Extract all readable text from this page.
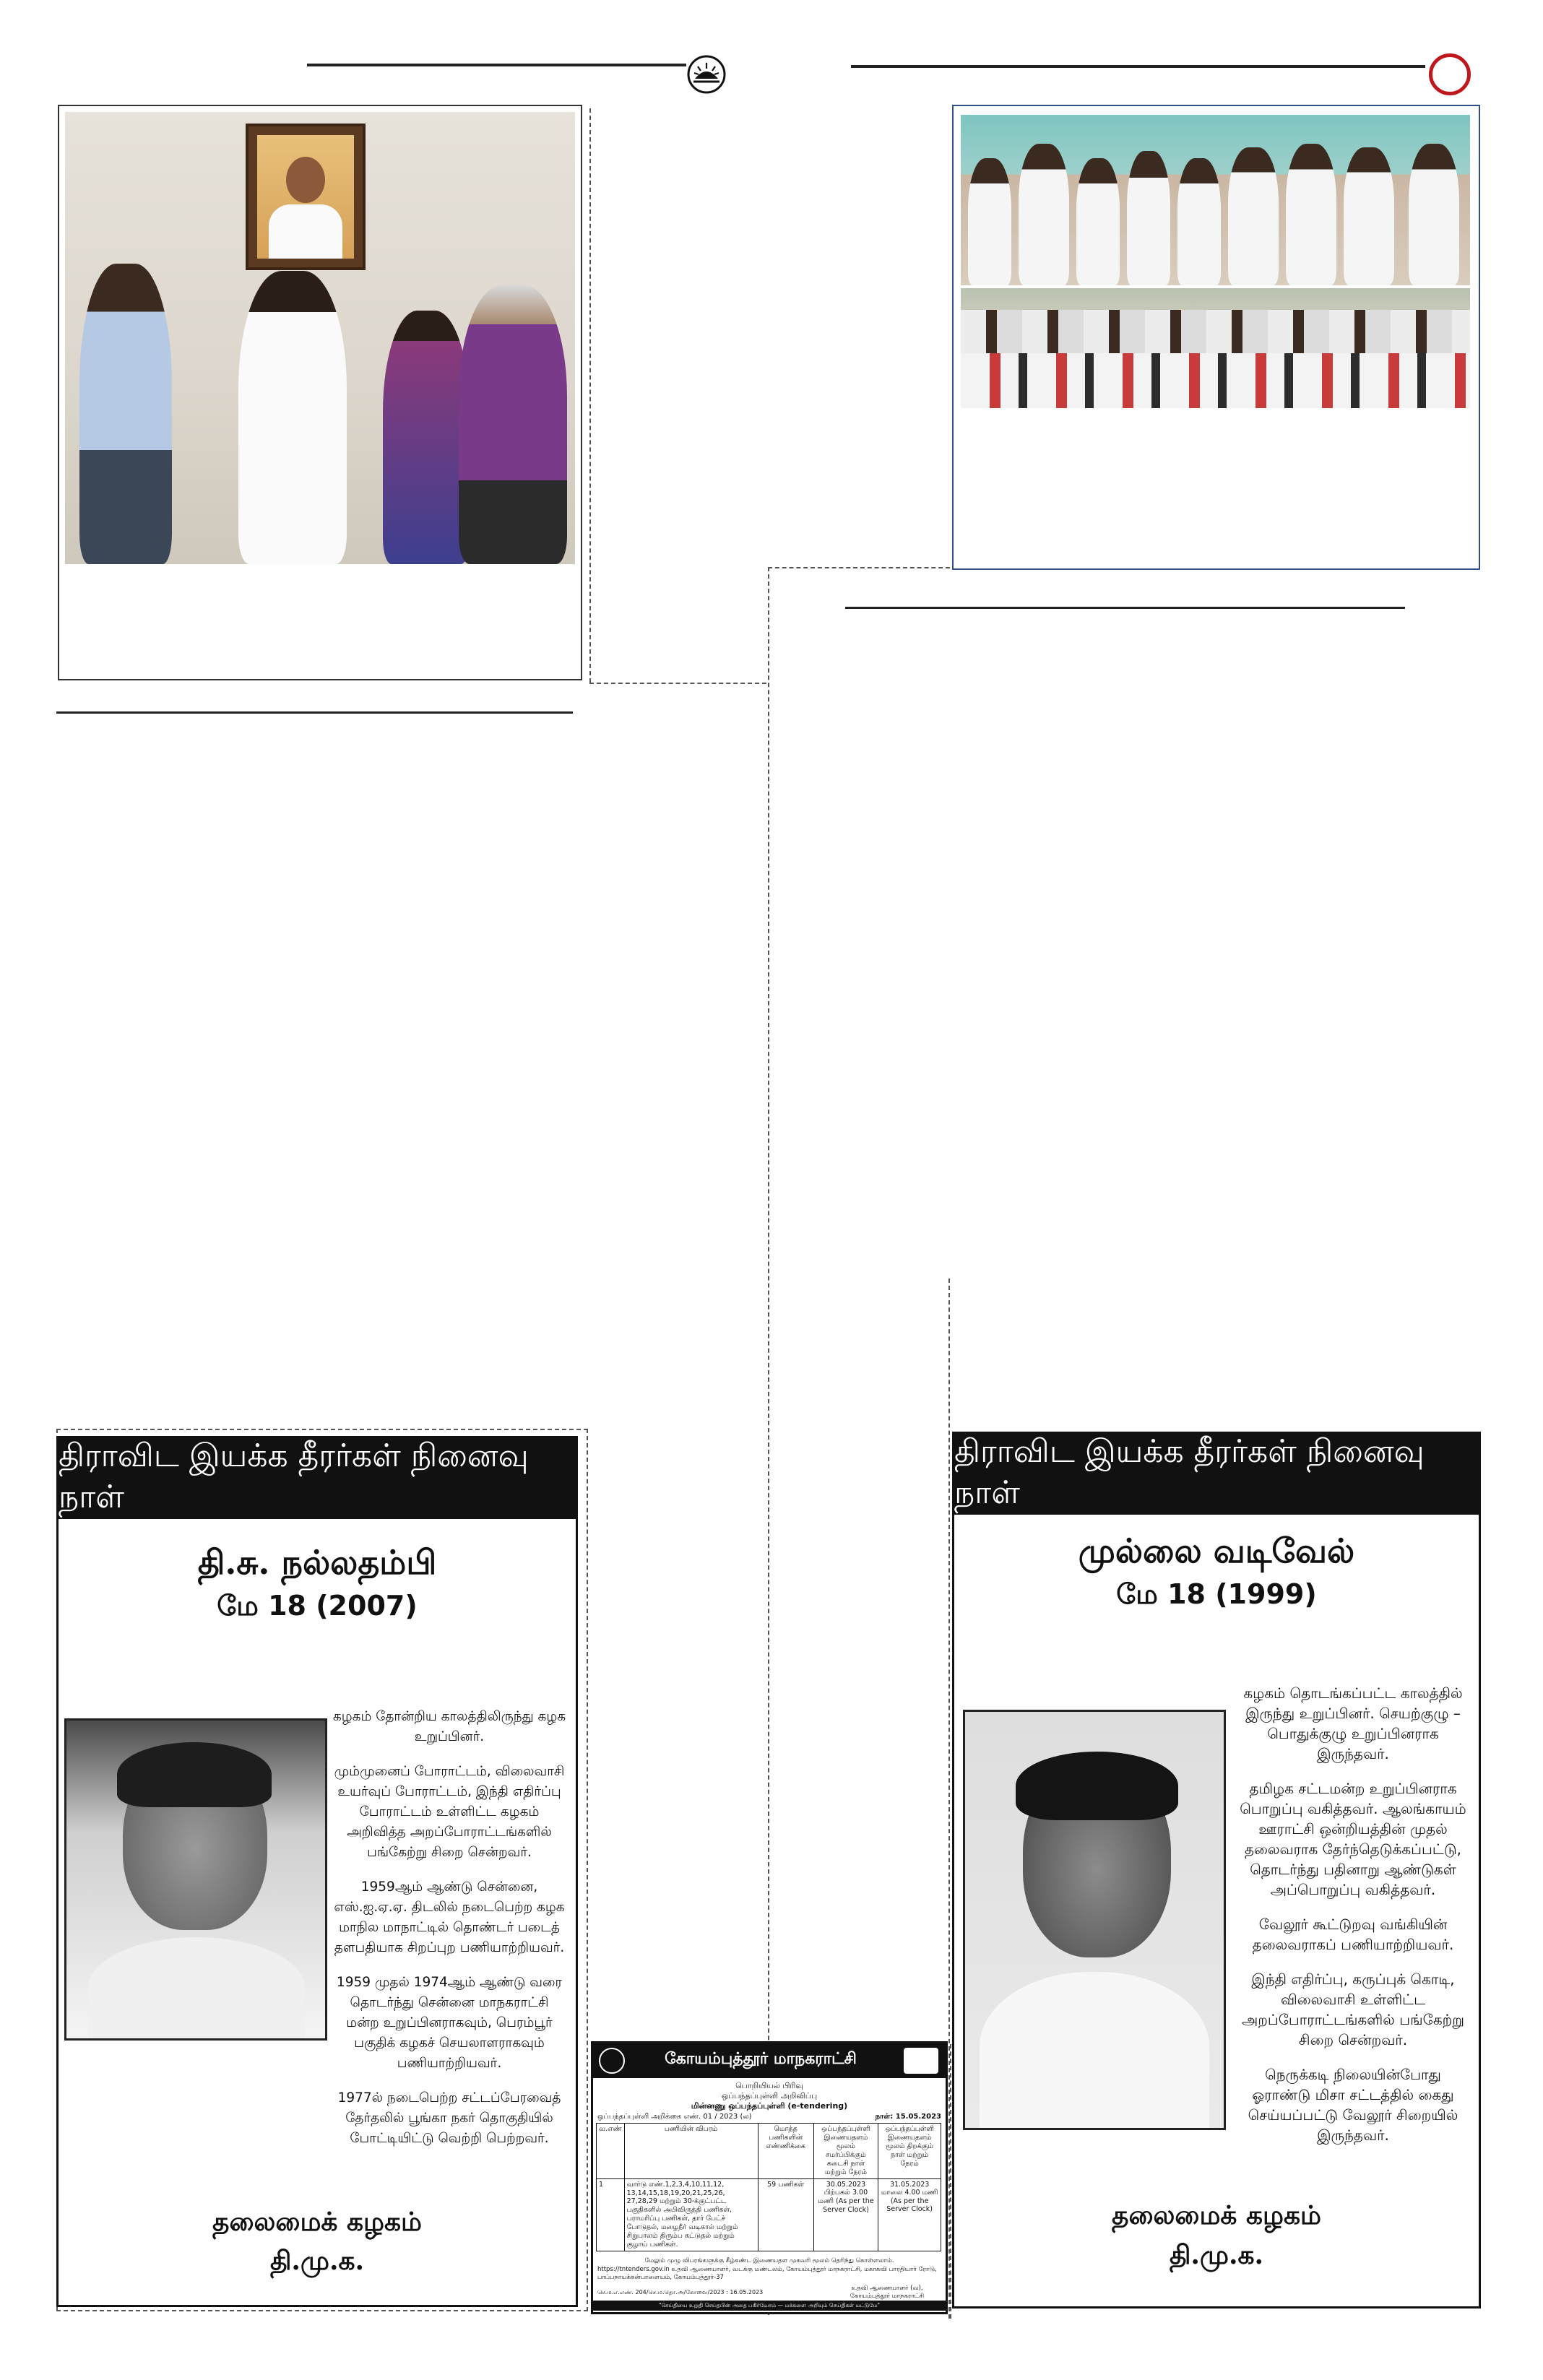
திராவிட இயக்க தீரர்கள் நினைவு நாள்
தி.சு. நல்லதம்பி
மே 18 (2007)

கழகம் தோன்றிய காலத்திலிருந்து கழக உறுப்பினர்.

மும்முனைப் போராட்டம், விலைவாசி உயர்வுப் போராட்டம், இந்தி எதிர்ப்பு போராட்டம் உள்ளிட்ட கழகம் அறிவித்த அறப்போராட்டங்களில் பங்கேற்று சிறை சென்றவர்.

1959ஆம் ஆண்டு சென்னை, எஸ்.ஐ.ஏ.ஏ. திடலில் நடைபெற்ற கழக மாநில மாநாட்டில் தொண்டர் படைத் தளபதியாக சிறப்புற பணியாற்றியவர்.

1959 முதல் 1974ஆம் ஆண்டு வரை தொடர்ந்து சென்னை மாநகராட்சி மன்ற உறுப்பினராகவும், பெரம்பூர் பகுதிக் கழகச் செயலாளராகவும் பணியாற்றியவர்.

1977ல் நடைபெற்ற சட்டப்பேரவைத் தேர்தலில் பூங்கா நகர் தொகுதியில் போட்டியிட்டு வெற்றி பெற்றவர்.

தலைமைக் கழகம்
தி.மு.க.
திராவிட இயக்க தீரர்கள் நினைவு நாள்
முல்லை வடிவேல்
மே 18 (1999)

கழகம் தொடங்கப்பட்ட காலத்தில் இருந்து உறுப்பினர். செயற்குழு – பொதுக்குழு உறுப்பினராக இருந்தவர்.

தமிழக சட்டமன்ற உறுப்பினராக பொறுப்பு வகித்தவர். ஆலங்காயம் ஊராட்சி ஒன்றியத்தின் முதல் தலைவராக தேர்ந்தெடுக்கப்பட்டு, தொடர்ந்து பதினாறு ஆண்டுகள் அப்பொறுப்பு வகித்தவர்.

வேலூர் கூட்டுறவு வங்கியின் தலைவராகப் பணியாற்றியவர்.

இந்தி எதிர்ப்பு, கருப்புக் கொடி, விலைவாசி உள்ளிட்ட அறப்போராட்டங்களில் பங்கேற்று சிறை சென்றவர்.

நெருக்கடி நிலையின்போது ஓராண்டு மிசா சட்டத்தில் கைது செய்யப்பட்டு வேலூர் சிறையில் இருந்தவர்.

தலைமைக் கழகம்
தி.மு.க.
கோயம்புத்தூர் மாநகராட்சி
பொறியியல் பிரிவு
ஒப்பந்தப்புள்ளி அறிவிப்பு
மின்னணு ஒப்பந்தப்புள்ளி (e-tendering)
ஒப்பந்தப்புள்ளி அறிக்கை எண். 01 / 2023 (ல)	நாள்: 15.05.2023
வ.எண்	பணியின் விபரம்	மொத்த பணிகளின் எண்ணிக்கை	ஒப்பந்தப்புள்ளி இணையதளம் மூலம் சமர்ப்பிக்கும் கடைசி நாள் மற்றும் நேரம்	ஒப்பந்தப்புள்ளி இணையதளம் மூலம் திறக்கும் நாள் மற்றும் நேரம்
1	வார்டு எண்.1,2,3,4,10,11,12, 13,14,15,18,19,20,21,25,26, 27,28,29 மற்றும் 30-க்குட்பட்ட பகுதிகளில் அபிவிருத்தி பணிகள், பராமரிப்பு பணிகள், தார் பேட்ச் போடுதல், மழைநீர் வடிகால் மற்றும் சிறுபாலம் திரும்ப கட்டுதல் மற்றும் குழாய் பணிகள்.	59 பணிகள்	30.05.2023 பிற்பகல் 3.00 மணி (As per the Server Clock)	31.05.2023 மாலை 4.00 மணி (As per the Server Clock)
மேலும் முழு விபரங்களுக்கு கீழ்கண்ட இணையதள முகவரி மூலம் தெரிந்து கொள்ளலாம்.
https://tntenders.gov.in உதவி ஆணையாளர், வடக்கு மண்டலம், கோயம்புத்தூர் மாநகராட்சி, மகாகவி பாரதியார் ரோடு, பாப்பநாயக்கன்பாளையம், கோயம்புத்தூர்-37
செ.ம.எ.எண். 204/செ.ம.தொ.அ/கோவை/2023 : 16.05.2023
உதவி ஆணையாளர் (வ), கோயம்புத்தூர் மாநகராட்சி
"செய்தியை உறுதி செய்தபின் அதை பகிர்வோம் — மக்களை அறியும் செய்திகள் மட்டுமே"
